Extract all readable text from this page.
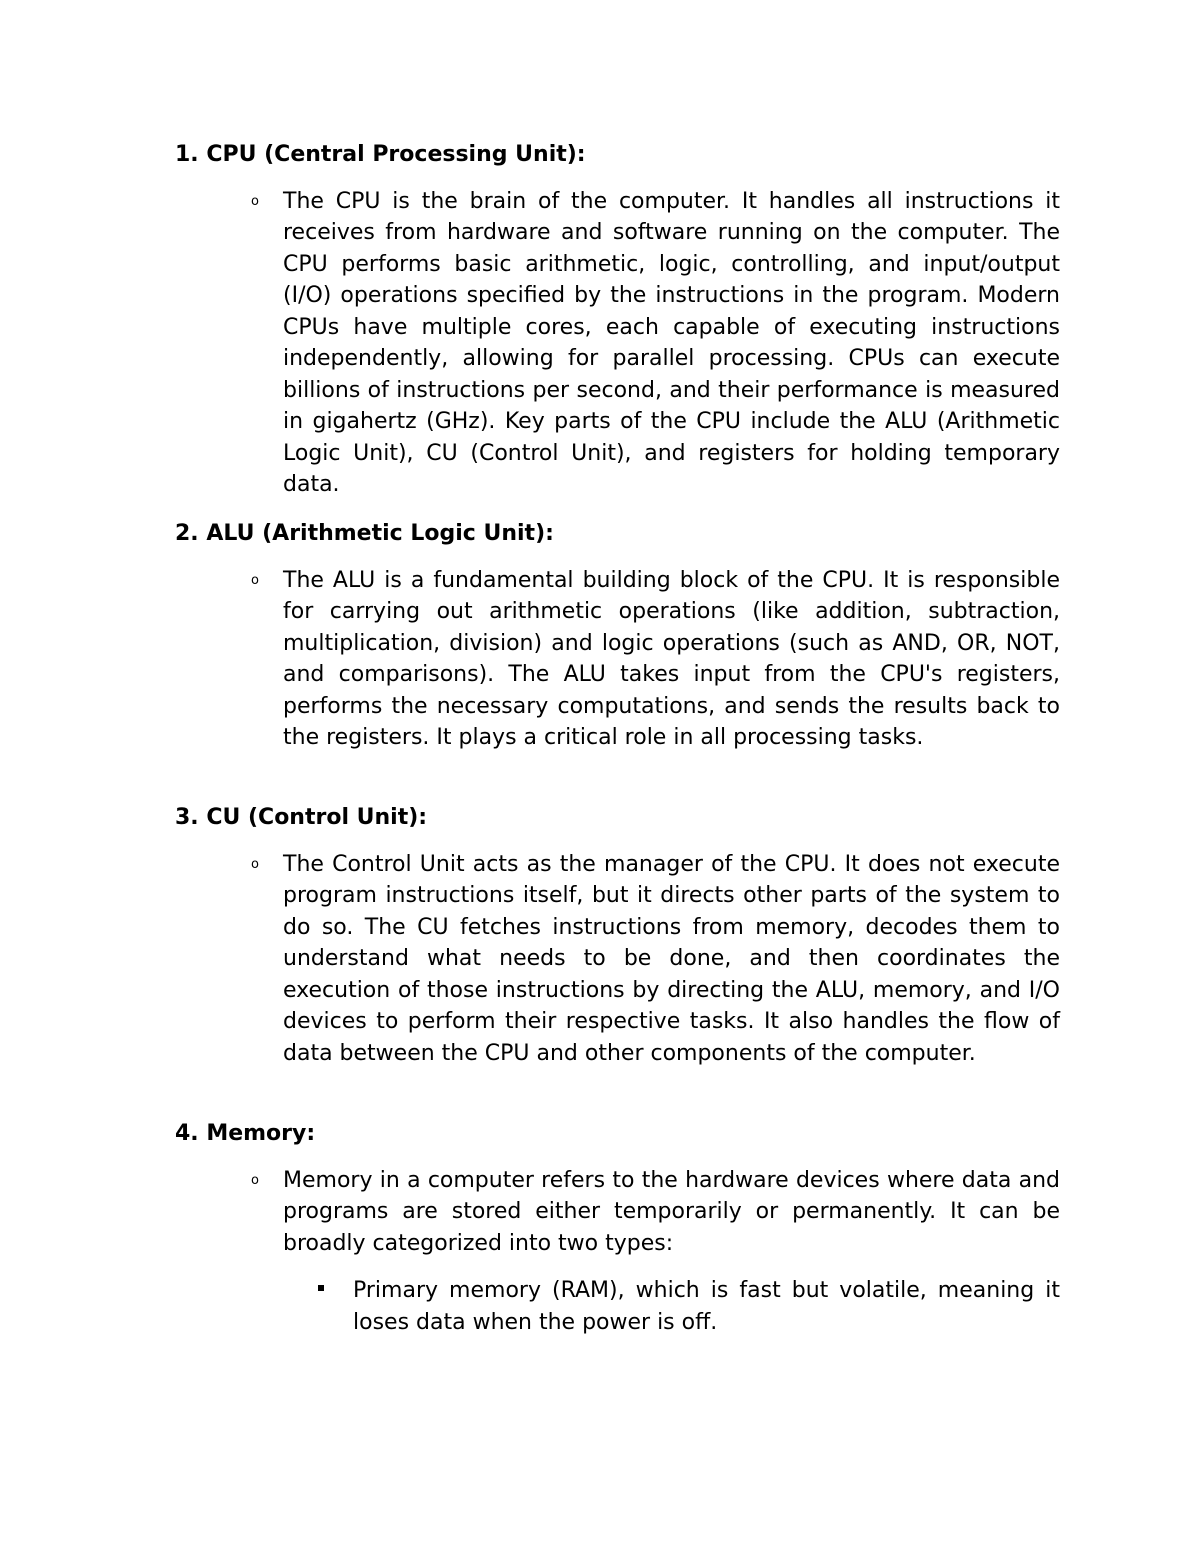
1. CPU (Central Processing Unit):
o The CPU is the brain of the computer. It handles all instructions it receives from hardware and software running on the computer. The CPU performs basic arithmetic, logic, controlling, and input/output (I/O) operations specified by the instructions in the program. Modern CPUs have multiple cores, each capable of executing instructions independently, allowing for parallel processing. CPUs can execute billions of instructions per second, and their performance is measured in gigahertz (GHz). Key parts of the CPU include the ALU (Arithmetic Logic Unit), CU (Control Unit), and registers for holding temporary data.

2. ALU (Arithmetic Logic Unit):
o The ALU is a fundamental building block of the CPU. It is responsible for carrying out arithmetic operations (like addition, subtraction, multiplication, division) and logic operations (such as AND, OR, NOT, and comparisons). The ALU takes input from the CPU's registers, performs the necessary computations, and sends the results back to the registers. It plays a critical role in all processing tasks.

3. CU (Control Unit):
o The Control Unit acts as the manager of the CPU. It does not execute program instructions itself, but it directs other parts of the system to do so. The CU fetches instructions from memory, decodes them to understand what needs to be done, and then coordinates the execution of those instructions by directing the ALU, memory, and I/O devices to perform their respective tasks. It also handles the flow of data between the CPU and other components of the computer.

4. Memory:
o Memory in a computer refers to the hardware devices where data and programs are stored either temporarily or permanently. It can be broadly categorized into two types:

Primary memory (RAM), which is fast but volatile, meaning it loses data when the power is off.
